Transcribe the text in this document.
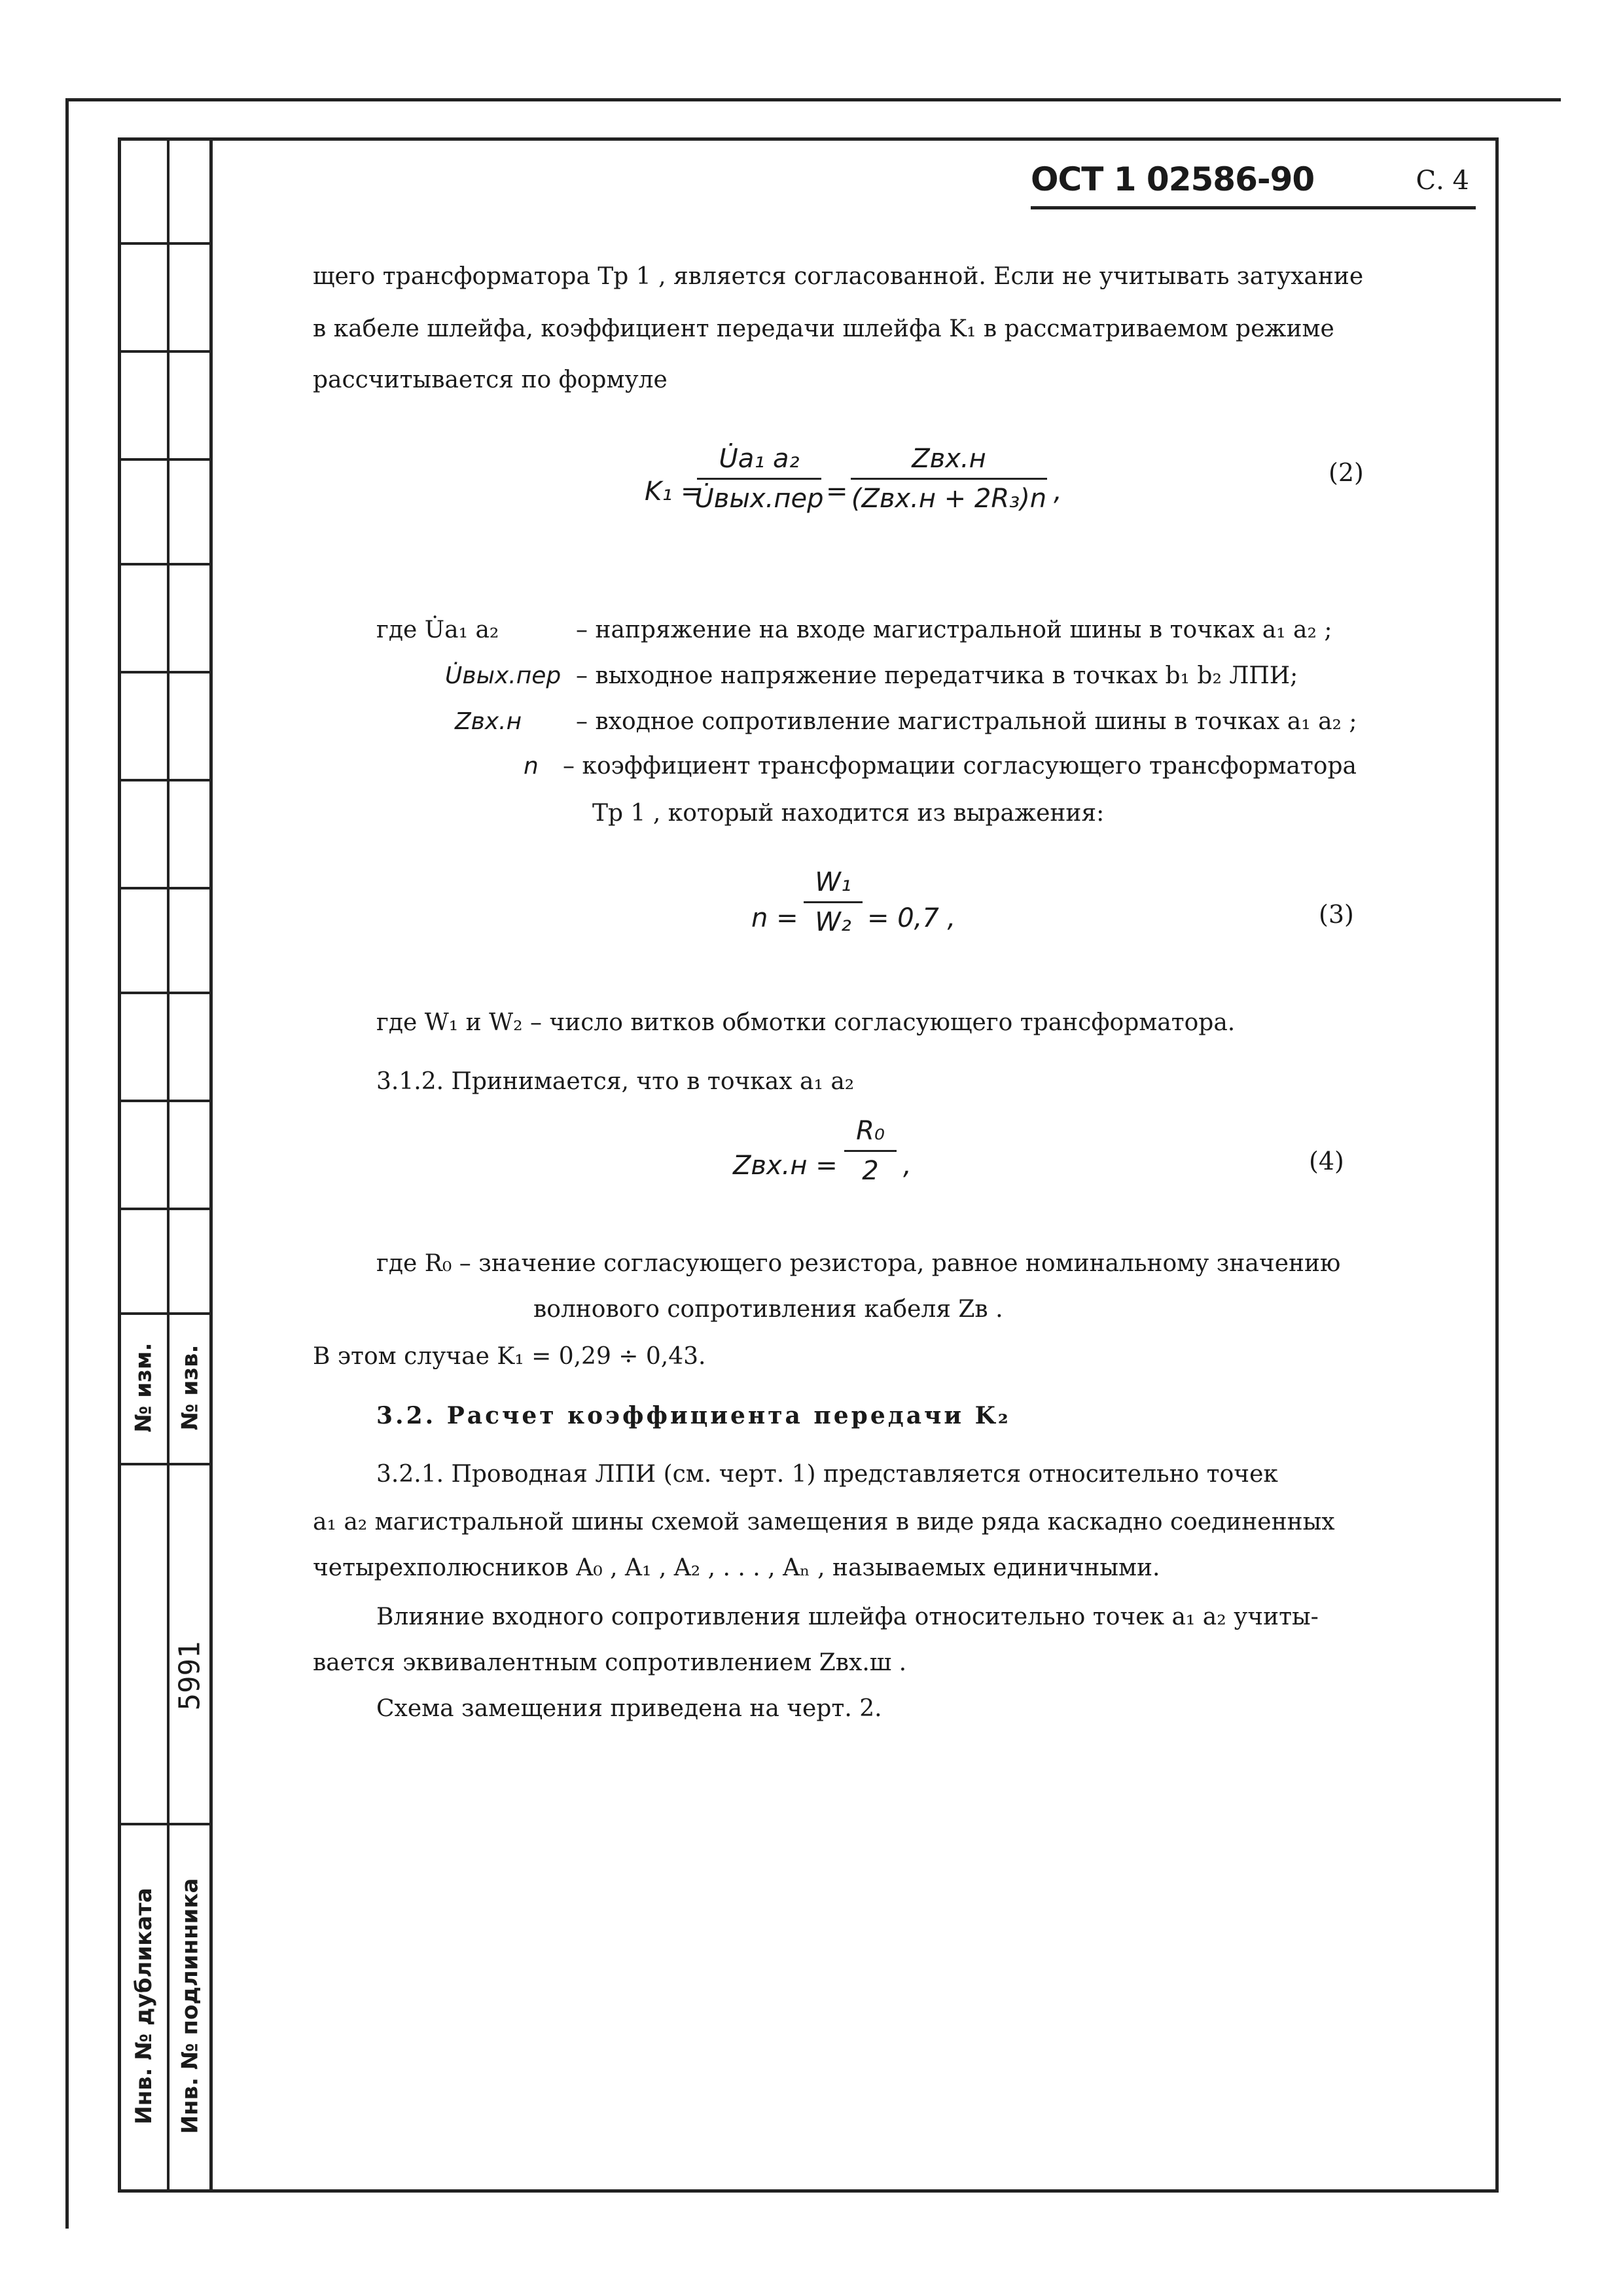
№ изм. № изв.
5991
Инв. № дубликата Инв. № подлинника
ОСТ 1 02586-90	С. 4
щего трансформатора Тр 1 , является согласованной. Если не учитывать затухание
в кабеле шлейфа, коэффициент передачи шлейфа K₁ в рассматриваемом режиме
рассчитывается по формуле
K₁ =
U̇a₁ a₂
U̇вых.пер =
Zвх.н
(Zвх.н + 2R₃)n ,
(2)
где U̇a₁ a₂	– напряжение на входе магистральной шины в точках a₁ a₂ ;
U̇вых.пер – выходное напряжение передатчика в точках b₁ b₂ ЛПИ;
Zвх.н – входное сопротивление магистральной шины в точках a₁ a₂ ;
n – коэффициент трансформации согласующего трансформатора
Тр 1 , который находится из выражения:
n =
W₁
W₂ = 0,7 ,	(3)
где W₁ и W₂ – число витков обмотки согласующего трансформатора.
3.1.2. Принимается, что в точках a₁ a₂
Zвх.н =
R₀
2 ,	(4)
где R₀ – значение согласующего резистора, равное номинальному значению
волнового сопротивления кабеля Zв .
В этом случае K₁ = 0,29 ÷ 0,43.
3.2. Расчет коэффициента передачи K₂
3.2.1. Проводная ЛПИ (см. черт. 1) представляется относительно точек
a₁ a₂ магистральной шины схемой замещения в виде ряда каскадно соединенных
четырехполюсников A₀ , A₁ , A₂ , . . . , Aₙ , называемых единичными.
Влияние входного сопротивления шлейфа относительно точек a₁ a₂ учиты-
вается эквивалентным сопротивлением Zвх.ш .
Схема замещения приведена на черт. 2.
